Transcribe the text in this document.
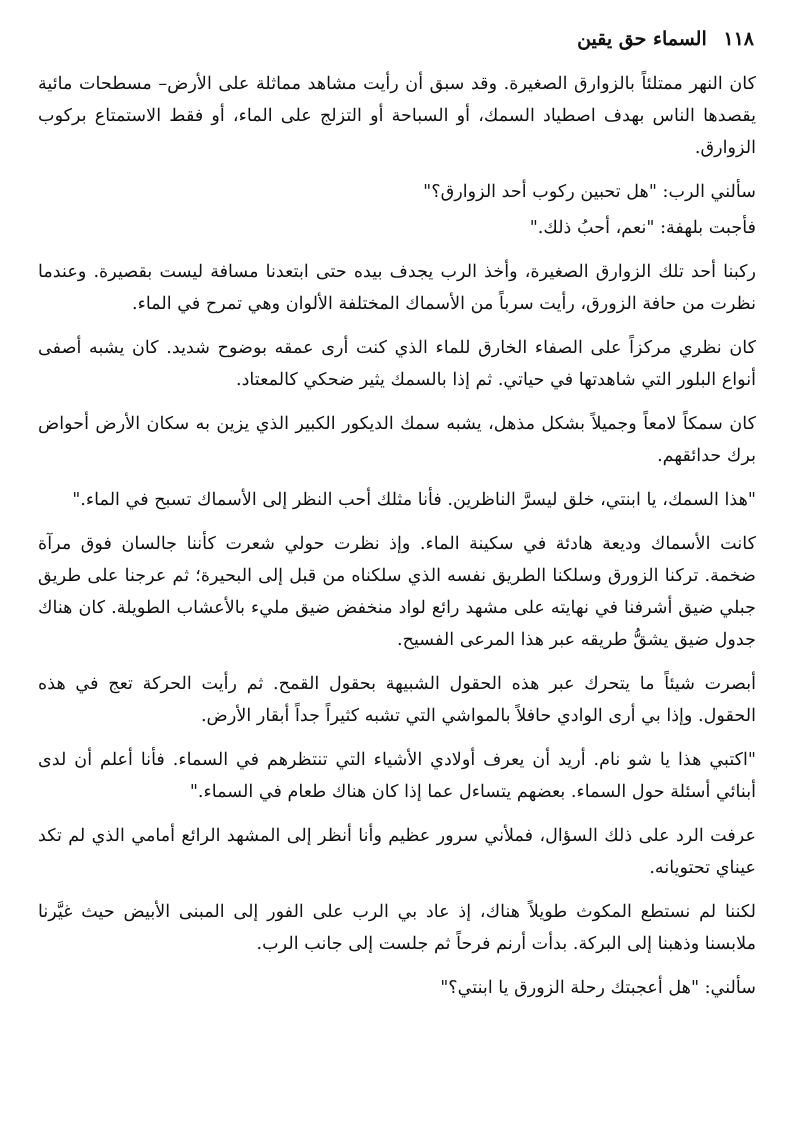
١١٨ السماء حق يقين

كان النهر ممتلئاً بالزوارق الصغيرة. وقد سبق أن رأيت مشاهد مماثلة على الأرض– مسطحات مائية يقصدها الناس بهدف اصطياد السمك، أو السباحة أو التزلج على الماء، أو فقط الاستمتاع بركوب الزوارق.

سألني الرب: "هل تحبين ركوب أحد الزوارق؟"

فأجبت بلهفة: "نعم، أحبُ ذلك."

ركبنا أحد تلك الزوارق الصغيرة، وأخذ الرب يجدف بيده حتى ابتعدنا مسافة ليست بقصيرة. وعندما نظرت من حافة الزورق، رأيت سرباً من الأسماك المختلفة الألوان وهي تمرح في الماء.

كان نظري مركزاً على الصفاء الخارق للماء الذي كنت أرى عمقه بوضوح شديد. كان يشبه أصفى أنواع البلور التي شاهدتها في حياتي. ثم إذا بالسمك يثير ضحكي كالمعتاد.

كان سمكاً لامعاً وجميلاً بشكل مذهل، يشبه سمك الديكور الكبير الذي يزين به سكان الأرض أحواض برك حدائقهم.

"هذا السمك، يا ابنتي، خلق ليسرَّ الناظرين. فأنا مثلك أحب النظر إلى الأسماك تسبح في الماء."

كانت الأسماك وديعة هادئة في سكينة الماء. وإذ نظرت حولي شعرت كأننا جالسان فوق مرآة ضخمة. تركنا الزورق وسلكنا الطريق نفسه الذي سلكناه من قبل إلى البحيرة؛ ثم عرجنا على طريق جبلي ضيق أشرفنا في نهايته على مشهد رائع لواد منخفض ضيق مليء بالأعشاب الطويلة. كان هناك جدول ضيق يشقُّ طريقه عبر هذا المرعى الفسيح.

أبصرت شيئاً ما يتحرك عبر هذه الحقول الشبيهة بحقول القمح. ثم رأيت الحركة تعج في هذه الحقول. وإذا بي أرى الوادي حافلاً بالمواشي التي تشبه كثيراً جداً أبقار الأرض.

"اكتبي هذا يا شو نام. أريد أن يعرف أولادي الأشياء التي تنتظرهم في السماء. فأنا أعلم أن لدى أبنائي أسئلة حول السماء. بعضهم يتساءل عما إذا كان هناك طعام في السماء."

عرفت الرد على ذلك السؤال، فملأني سرور عظيم وأنا أنظر إلى المشهد الرائع أمامي الذي لم تكد عيناي تحتويانه.

لكننا لم نستطع المكوث طويلاً هناك، إذ عاد بي الرب على الفور إلى المبنى الأبيض حيث غيَّرنا ملابسنا وذهبنا إلى البركة. بدأت أرنم فرحاً ثم جلست إلى جانب الرب.

سألني: "هل أعجبتك رحلة الزورق يا ابنتي؟"
